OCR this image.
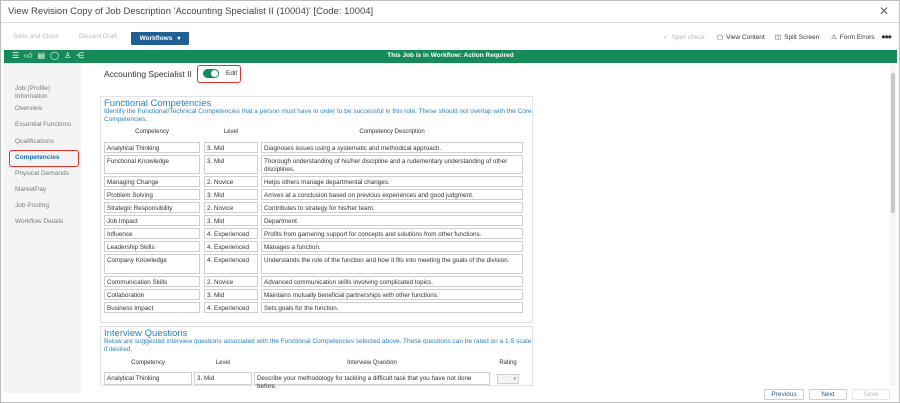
View Revision Copy of Job Description 'Accounting Specialist II (10004)' [Code: 10004]	✕
Save and Close	Discard Draft	Workflows ▾	✓ Spell check ▢ View Content ◫ Split Screen ⚠ Form Errors •••
☰ 👍︎ ▤ ◯ ♙ ⋲	This Job is in Workflow: Action Required
Job (Profile)
Information
Overview
Essential Functions
Qualifications
Competencies
Physical Demands
MarketPay
Job Posting
Workflow Details
Accounting Specialist II	Edit
Functional Competencies
Identify the Functional/Technical Competencies that a person must have in order to be successful in this role. These should not overlap with the Core Competencies.
Competency	Level	Competency Description
Analytical Thinking	3. Mid	Diagnoses issues using a systematic and methodical approach.
Functional Knowledge	3. Mid	Thorough understanding of his/her discipline and a rudementary understanding of other disciplines.
Managing Change	2. Novice	Helps others manage departmental changes.
Problem Solving	3. Mid	Arrives at a conclusion based on previous experiences and good judgment.
Strategic Responsibility	2. Novice	Contributes to strategy for his/her team.
Job Impact	3. Mid	Department.
Influence	4. Experienced	Profits from garnering support for concepts and solutions from other functions.
Leadership Skills	4. Experienced	Manages a function.
Company Knowledge	4. Experienced	Understands the role of the function and how it fits into meeting the goals of the division.
Communication Skills	2. Novice	Advanced communication skills involving complicated topics.
Collaboration	3. Mid	Maintains mutually beneficial partnerships with other functions.
Business Impact	4. Experienced	Sets goals for the function.
Interview Questions
Below are suggested interview questions associated with the Functional Competencies selected above. These questions can be rated on a 1-5 scale if desired.
Competency	Level	Interview Question	Rating
Analytical Thinking	3. Mid	Describe your methodology for tackling a difficult task that you have not done before.
▾
Previous	Next	Save
